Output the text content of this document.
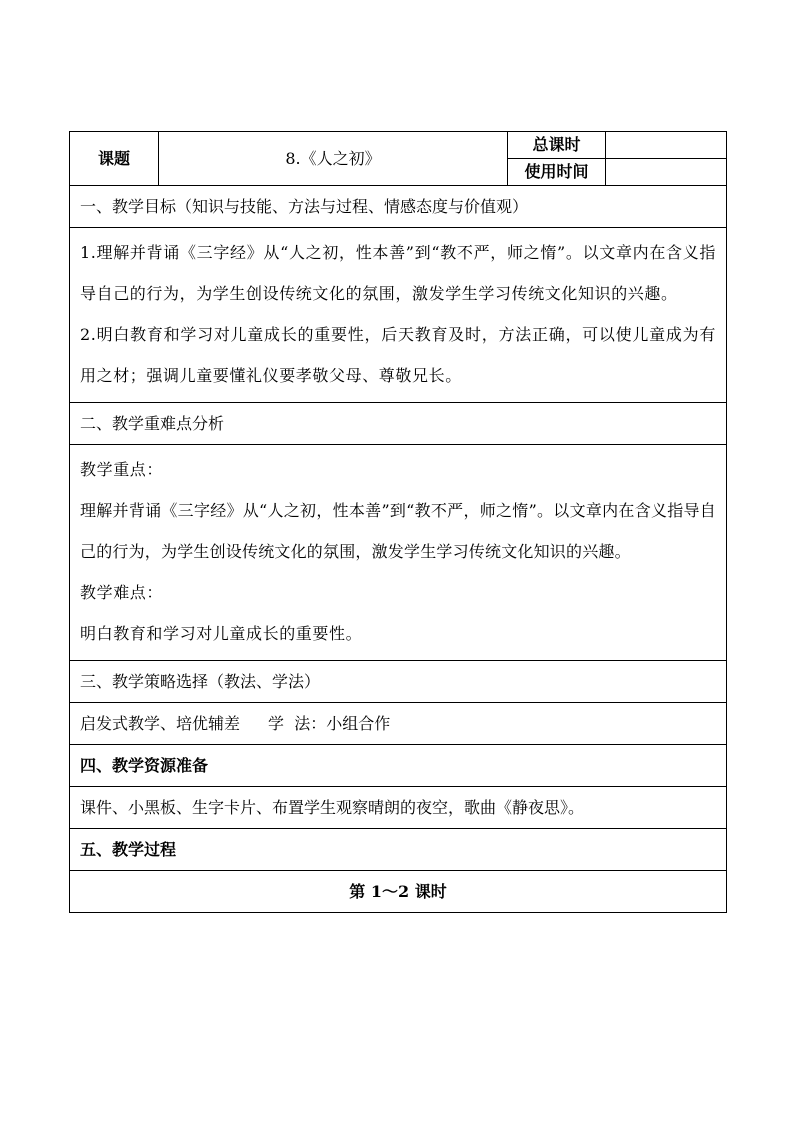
课题	8.《人之初》	总课时	
		使用时间	
一、教学目标（知识与技能、方法与过程、情感态度与价值观）			

1.理解并背诵《三字经》从“人之初，性本善”到“教不严，师之惰”。以文章内在含义指导自己的行为，为学生创设传统文化的氛围，激发学生学习传统文化知识的兴趣。
2.明白教育和学习对儿童成长的重要性，后天教育及时，方法正确，可以使儿童成为有用之材；强调儿童要懂礼仪要孝敬父母、尊敬兄长。			

二、教学重难点分析			

教学重点：
理解并背诵《三字经》从“人之初，性本善”到“教不严，师之惰”。以文章内在含义指导自己的行为，为学生创设传统文化的氛围，激发学生学习传统文化知识的兴趣。
教学难点：
明白教育和学习对儿童成长的重要性。			

三、教学策略选择（教法、学法）			
启发式教学、培优辅差 学  法：小组合作			
四、教学资源准备			
课件、小黑板、生字卡片、布置学生观察晴朗的夜空，歌曲《静夜思》。			
五、教学过程			
第 1～2 课时			
